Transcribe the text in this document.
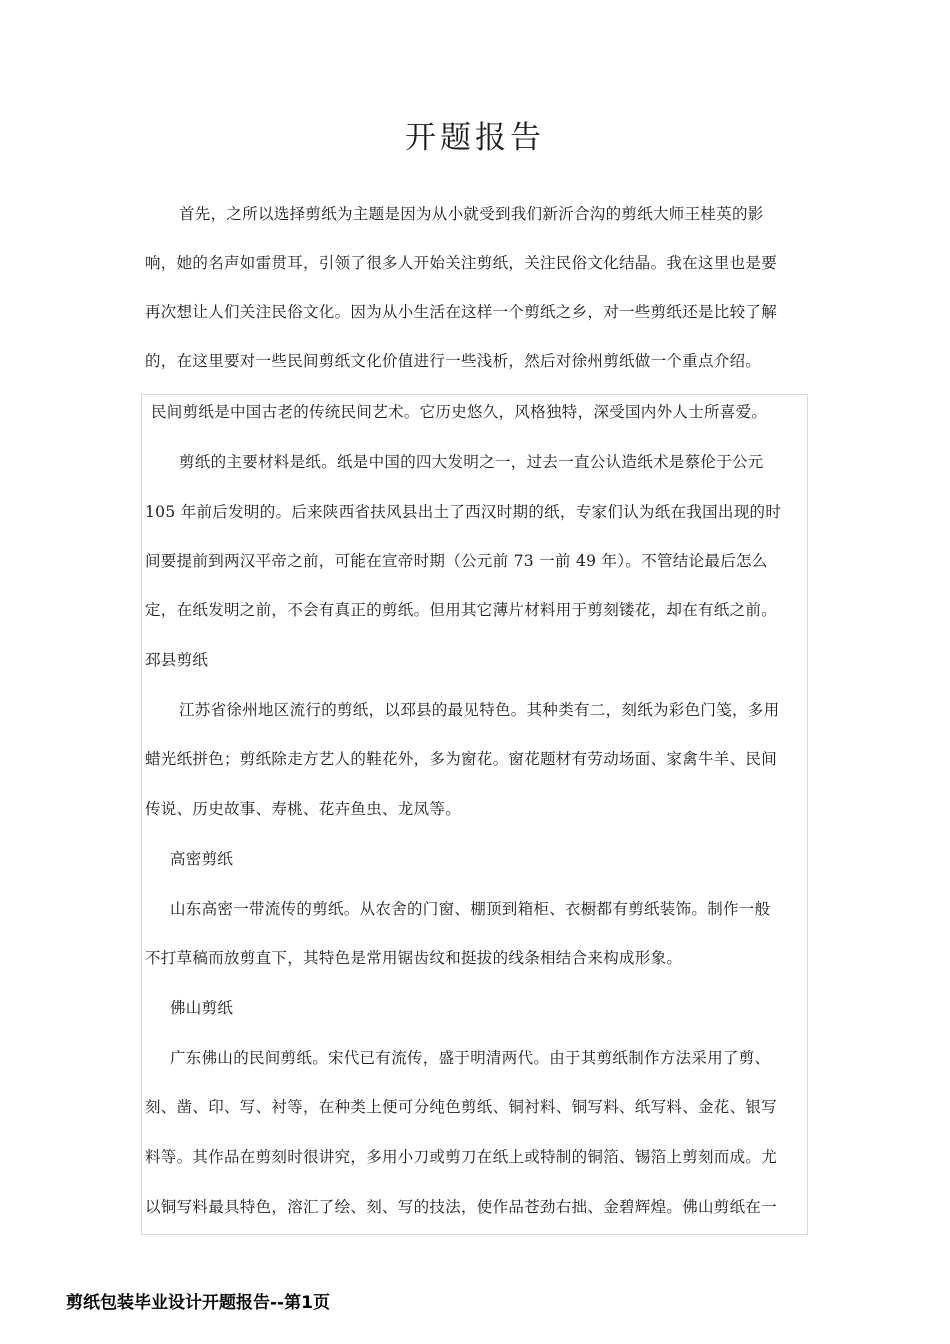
开题报告
首先，之所以选择剪纸为主题是因为从小就受到我们新沂合沟的剪纸大师王桂英的影
响，她的名声如雷贯耳，引领了很多人开始关注剪纸，关注民俗文化结晶。我在这里也是要
再次想让人们关注民俗文化。因为从小生活在这样一个剪纸之乡，对一些剪纸还是比较了解
的，在这里要对一些民间剪纸文化价值进行一些浅析，然后对徐州剪纸做一个重点介绍。
民间剪纸是中国古老的传统民间艺术。它历史悠久，风格独特，深受国内外人士所喜爱。
剪纸的主要材料是纸。纸是中国的四大发明之一，过去一直公认造纸术是蔡伦于公元
105 年前后发明的。后来陕西省扶风县出土了西汉时期的纸，专家们认为纸在我国出现的时
间要提前到两汉平帝之前，可能在宣帝时期（公元前 73 一前 49 年）。不管结论最后怎么
定，在纸发明之前，不会有真正的剪纸。但用其它薄片材料用于剪刻镂花，却在有纸之前。
邳县剪纸
江苏省徐州地区流行的剪纸，以邳县的最见特色。其种类有二，刻纸为彩色门笺，多用
蜡光纸拼色；剪纸除走方艺人的鞋花外，多为窗花。窗花题材有劳动场面、家禽牛羊、民间
传说、历史故事、寿桃、花卉鱼虫、龙凤等。
高密剪纸
山东高密一带流传的剪纸。从农舍的门窗、棚顶到箱柜、衣橱都有剪纸装饰。制作一般
不打草稿而放剪直下，其特色是常用锯齿纹和挺拔的线条相结合来构成形象。
佛山剪纸
广东佛山的民间剪纸。宋代已有流传，盛于明清两代。由于其剪纸制作方法采用了剪、
刻、凿、印、写、衬等，在种类上便可分纯色剪纸、铜衬料、铜写料、纸写料、金花、银写
料等。其作品在剪刻时很讲究，多用小刀或剪刀在纸上或特制的铜箔、锡箔上剪刻而成。尤
以铜写料最具特色，溶汇了绘、刻、写的技法，使作品苍劲右拙、金碧辉煌。佛山剪纸在一
剪纸包装毕业设计开题报告--第1页
